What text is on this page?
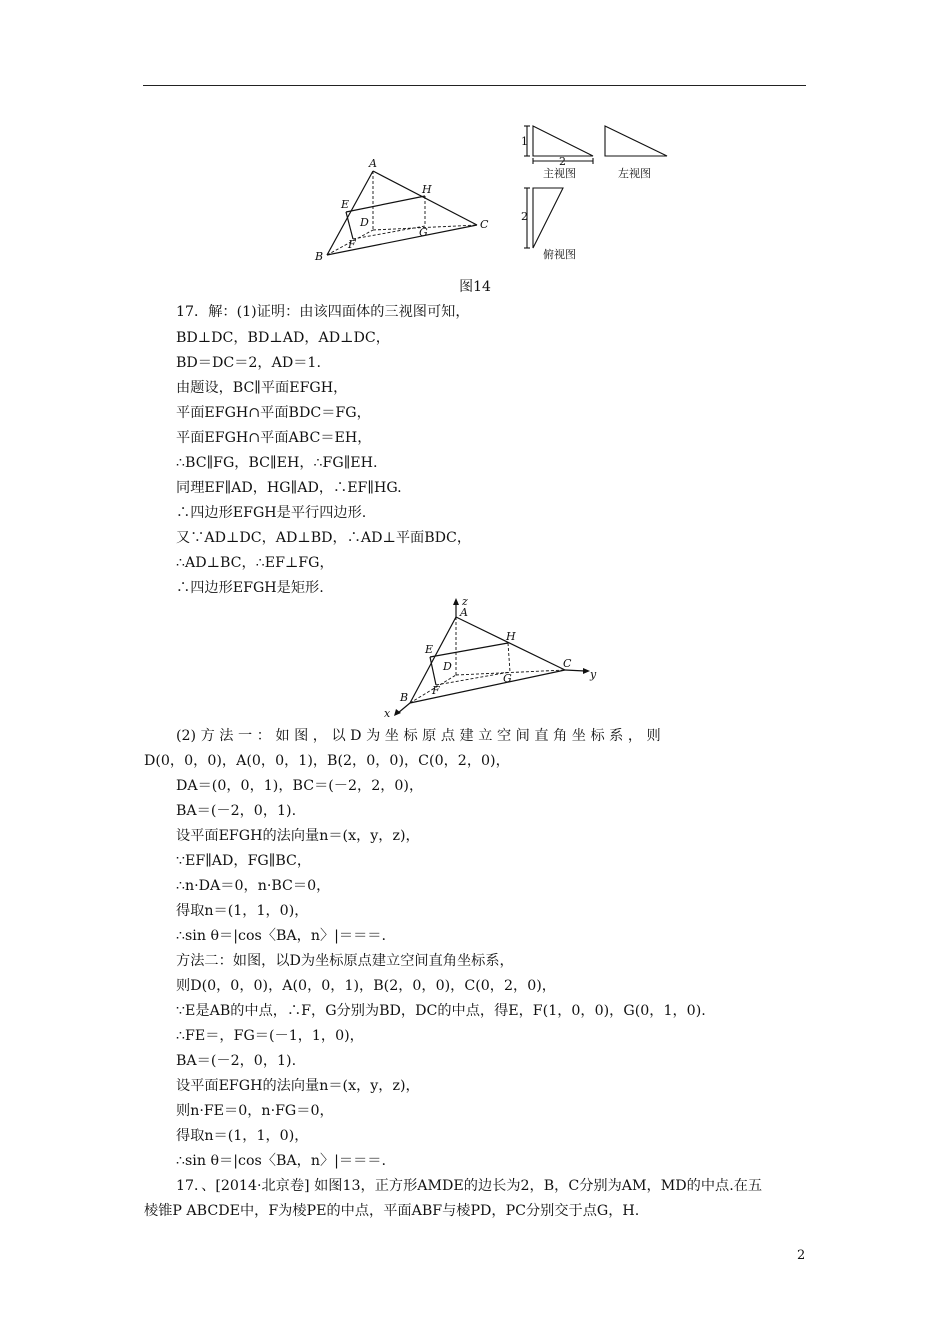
A
B
C
D
E
F
G
H
1
2
主视图	左视图
2
俯视图
图14
17．解：(1)证明：由该四面体的三视图可知，
BD⊥DC，BD⊥AD，AD⊥DC，
BD＝DC＝2，AD＝1.
由题设，BC∥平面EFGH，
平面EFGH∩平面BDC＝FG，
平面EFGH∩平面ABC＝EH，
∴BC∥FG，BC∥EH，∴FG∥EH.
同理EF∥AD，HG∥AD，∴EF∥HG.
∴四边形EFGH是平行四边形.
又∵AD⊥DC，AD⊥BD，∴AD⊥平面BDC，
∴AD⊥BC，∴EF⊥FG，
∴四边形EFGH是矩形.
z
x
y
A
B
C
D
E
F
G
H
(2) 方 法 一 ： 如 图 ， 以 D 为 坐 标 原 点 建 立 空 间 直 角 坐 标 系 ， 则
D(0，0，0)，A(0，0，1)，B(2，0，0)，C(0，2，0)，
DA＝(0，0，1)，BC＝(－2，2，0)，
BA＝(－2，0，1).
设平面EFGH的法向量n＝(x，y，z)，
∵EF∥AD，FG∥BC，
∴n·DA＝0，n·BC＝0，
得取n＝(1，1，0)，
∴sin θ＝|cos〈BA，n〉|＝＝＝.
方法二：如图，以D为坐标原点建立空间直角坐标系，
则D(0，0，0)，A(0，0，1)，B(2，0，0)，C(0，2，0)，
∵E是AB的中点，∴F，G分别为BD，DC的中点，得E，F(1，0，0)，G(0，1，0).
∴FE＝，FG＝(－1，1，0)，
BA＝(－2，0，1).
设平面EFGH的法向量n＝(x，y，z)，
则n·FE＝0，n·FG＝0，
得取n＝(1，1，0)，
∴sin θ＝|cos〈BA，n〉|＝＝＝.
17．、[2014·北京卷] 如图13，正方形AMDE的边长为2，B，C分别为AM，MD的中点.在五
棱锥P ABCDE中，F为棱PE的中点，平面ABF与棱PD，PC分别交于点G，H.
2
